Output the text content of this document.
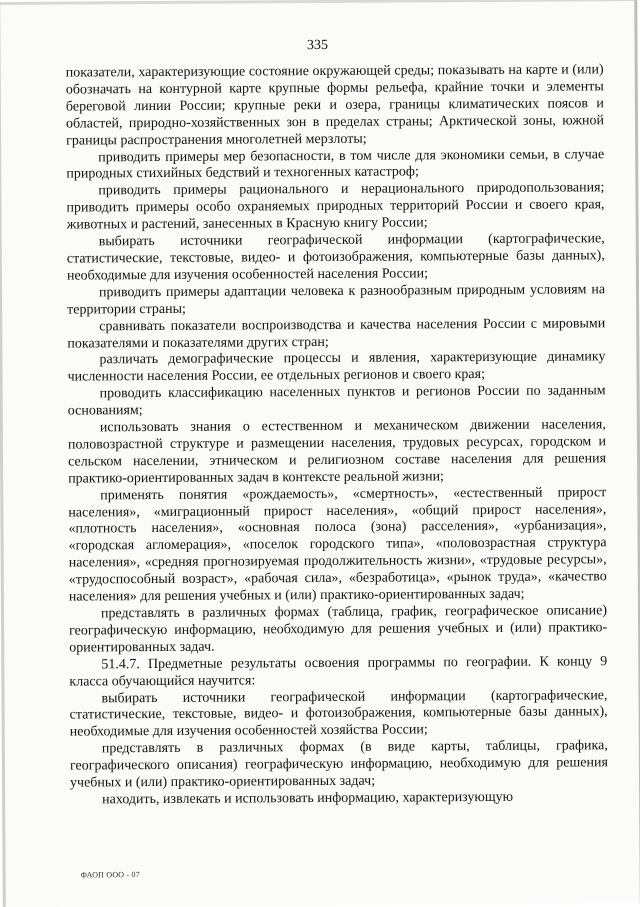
335

показатели, характеризующие состояние окружающей среды; показывать на карте и (или) обозначать на контурной карте крупные формы рельефа, крайние точки и элементы береговой линии России; крупные реки и озера, границы климатических поясов и областей, природно-хозяйственных зон в пределах страны; Арктической зоны, южной границы распространения многолетней мерзлоты;

приводить примеры мер безопасности, в том числе для экономики семьи, в случае природных стихийных бедствий и техногенных катастроф;

приводить примеры рационального и нерационального природопользования; приводить примеры особо охраняемых природных территорий России и своего края, животных и растений, занесенных в Красную книгу России;

выбирать источники географической информации (картографические, статистические, текстовые, видео- и фотоизображения, компьютерные базы данных), необходимые для изучения особенностей населения России;

приводить примеры адаптации человека к разнообразным природным условиям на территории страны;

сравнивать показатели воспроизводства и качества населения России с мировыми показателями и показателями других стран;

различать демографические процессы и явления, характеризующие динамику численности населения России, ее отдельных регионов и своего края;

проводить классификацию населенных пунктов и регионов России по заданным основаниям;

использовать знания о естественном и механическом движении населения, половозрастной структуре и размещении населения, трудовых ресурсах, городском и сельском населении, этническом и религиозном составе населения для решения практико-ориентированных задач в контексте реальной жизни;

применять понятия «рождаемость», «смертность», «естественный прирост населения», «миграционный прирост населения», «общий прирост населения», «плотность населения», «основная полоса (зона) расселения», «урбанизация», «городская агломерация», «поселок городского типа», «половозрастная структура населения», «средняя прогнозируемая продолжительность жизни», «трудовые ресурсы», «трудоспособный возраст», «рабочая сила», «безработица», «рынок труда», «качество населения» для решения учебных и (или) практико-ориентированных задач;

представлять в различных формах (таблица, график, географическое описание) географическую информацию, необходимую для решения учебных и (или) практико-ориентированных задач.

51.4.7. Предметные результаты освоения программы по географии. К концу 9 класса обучающийся научится:

выбирать источники географической информации (картографические, статистические, текстовые, видео- и фотоизображения, компьютерные базы данных), необходимые для изучения особенностей хозяйства России;

представлять в различных формах (в виде карты, таблицы, графика, географического описания) географическую информацию, необходимую для решения учебных и (или) практико-ориентированных задач;

находить, извлекать и использовать информацию, характеризующую

ФАОП ООО - 07
